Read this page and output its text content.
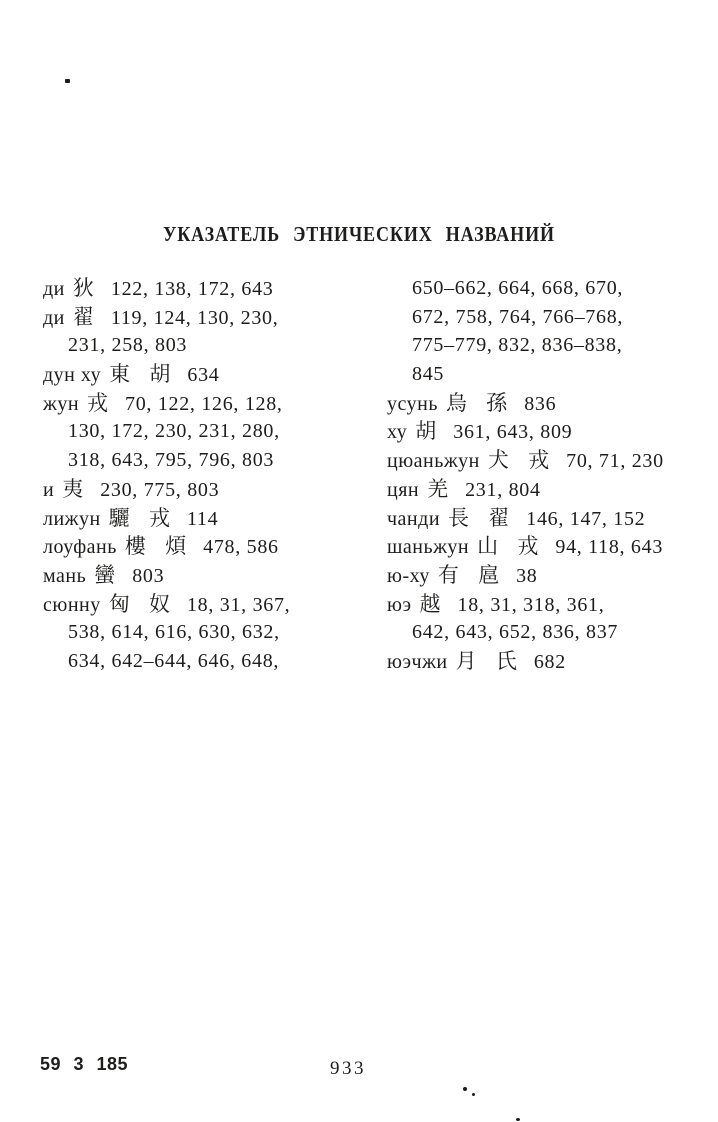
УКАЗАТЕЛЬ ЭТНИЧЕСКИХ НАЗВАНИЙ
ди 狄 122, 138, 172, 643
ди 翟 119, 124, 130, 230,
231, 258, 803
дун ху 東 胡 634
жун 戎 70, 122, 126, 128,
130, 172, 230, 231, 280,
318, 643, 795, 796, 803
и 夷 230, 775, 803
лижун 驪 戎 114
лоуфань 樓 煩 478, 586
мань 蠻 803
сюнну 匈 奴 18, 31, 367,
538, 614, 616, 630, 632,
634, 642–644, 646, 648,
650–662, 664, 668, 670,
672, 758, 764, 766–768,
775–779, 832, 836–838,
845
усунь 烏 孫 836
ху 胡 361, 643, 809
цюаньжун 犬 戎 70, 71, 230
цян 羌 231, 804
чанди 長 翟 146, 147, 152
шаньжун 山 戎 94, 118, 643
ю-ху 有 扈 38
юэ 越 18, 31, 318, 361,
642, 643, 652, 836, 837
юэчжи 月 氏 682
59 3 185	933
